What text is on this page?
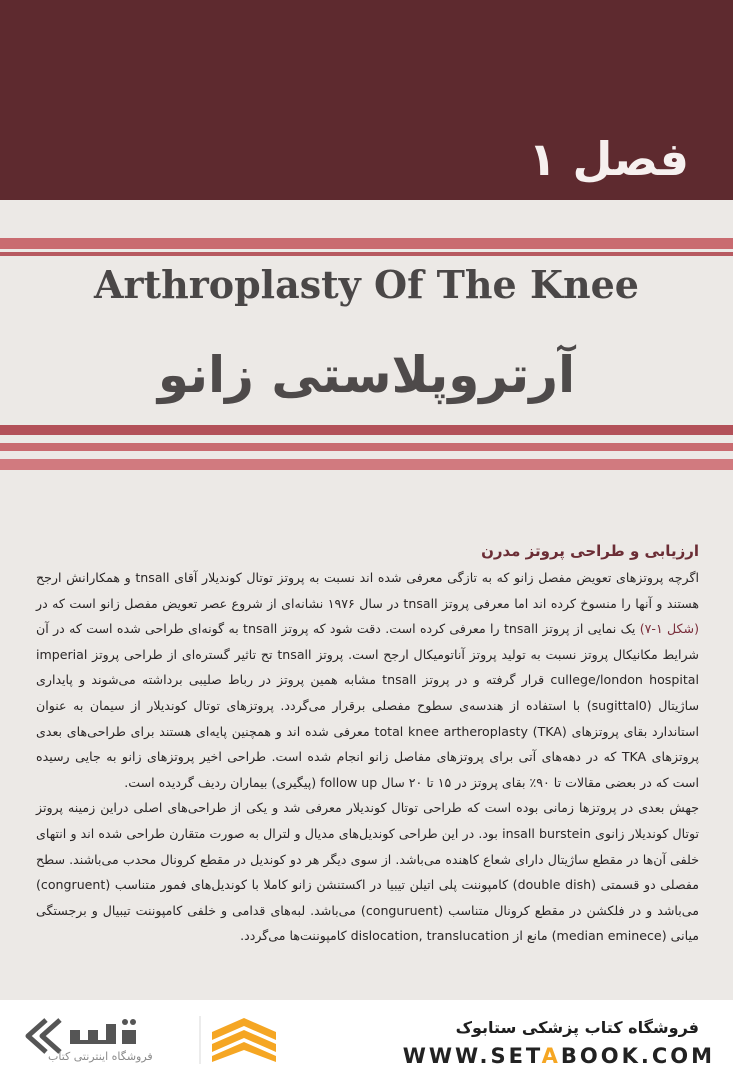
فصل ۱
Arthroplasty Of The Knee
آرتروپلاستی زانو
ارزیابی و طراحی پروتز مدرن

اگرچه پروتزهای تعویض مفصل زانو که به تازگی معرفی شده اند نسبت به پروتز توتال کوندیلار آقای tnsall و همکارانش ارجح هستند و آنها را منسوخ کرده اند اما معرفی پروتز tnsall در سال ۱۹۷۶ نشانه‌ای از شروع عصر تعویض مفصل زانو است که در (شکل ۱-۷) یک نمایی از پروتز tnsall را معرفی کرده است. دقت شود که پروتز tnsall به گونه‌ای طراحی شده است که در آن شرایط مکانیکال پروتز نسبت به تولید پروتز آناتومیکال ارجح است. پروتز tnsall تح تاثیر گستره‌ای از طراحی پروتز imperial cullege/london hospital قرار گرفته و در پروتز tnsall مشابه همین پروتز در رباط صلیبی برداشته می‌شوند و پایداری ساژیتال (sugittal0) با استفاده از هندسه‌ی سطوح مفصلی برقرار می‌گردد. پروتزهای توتال کوندیلار از سیمان به عنوان استاندارد بقای پروتزهای total knee artheroplasty (TKA) معرفی شده اند و همچنین پایه‌ای هستند برای طراحی‌های بعدی پروتزهای TKA که در دهه‌های آتی برای پروتزهای مفاصل زانو انجام شده است. طراحی اخیر پروتزهای زانو به جایی رسیده است که در بعضی مقالات تا ۹۰٪ بقای پروتز در ۱۵ تا ۲۰ سال follow up (پیگیری) بیماران ردیف گردیده است.

جهش بعدی در پروتزها زمانی بوده است که طراحی توتال کوندیلار معرفی شد و یکی از طراحی‌های اصلی دراین زمینه پروتز توتال کوندیلار زانوی insall burstein بود. در این طراحی کوندیل‌های مدیال و لترال به صورت متقارن طراحی شده اند و انتهای خلفی آن‌ها در مقطع ساژیتال دارای شعاع کاهنده می‌باشد. از سوی دیگر هر دو کوندیل در مقطع کرونال محدب می‌باشند. سطح مفصلی دو قسمتی (double dish) کامپوننت پلی اتیلن تیبیا در اکستنشن زانو کاملا با کوندیل‌های فمور متناسب (congruent) می‌باشد و در فلکشن در مقطع کرونال متناسب (conguruent) می‌باشد. لبه‌های قدامی و خلفی کامپوننت تیبیال و برجستگی میانی (median eminece) مانع از dislocation, translucation کامپوننت‌ها می‌گردد.

فروشگاه اینترنتی کتاب
فروشگاه کتاب پزشکی ستابوک
WWW.SETABOOK.COM
